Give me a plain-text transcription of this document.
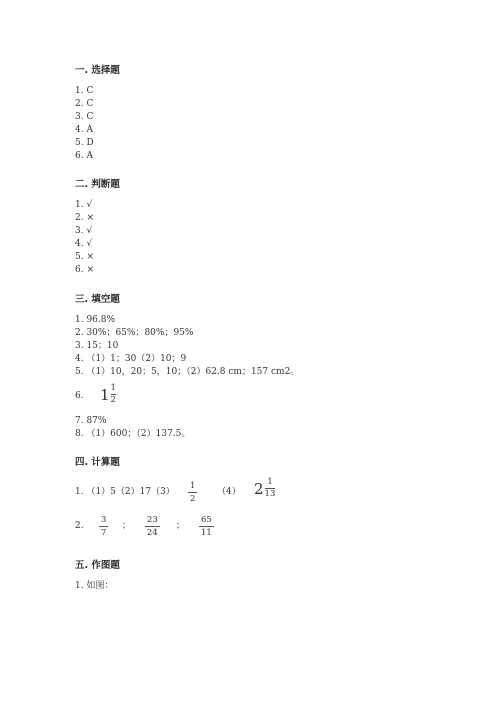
一. 选择题
1. C
2. C
3. C
4. A
5. D
6. A
二. 判断题
1. √
2. ×
3. √
4. √
5. ×
6. ×
三. 填空题
1. 96.8%
2. 30%；65%；80%；95%
3. 15；10
4. （1）1；30（2）10；9
5. （1）10，20；5，10；（2）62.8 cm；157 cm2。
6. 1 1
2
7. 87%
8. （1）600；（2）137.5。
四. 计算题
1. （1）5（2）17（3）
1
2
（4） 2 1
13
2.
3
7
；
23
24
；
65
11
五. 作图题
1. 如图：
